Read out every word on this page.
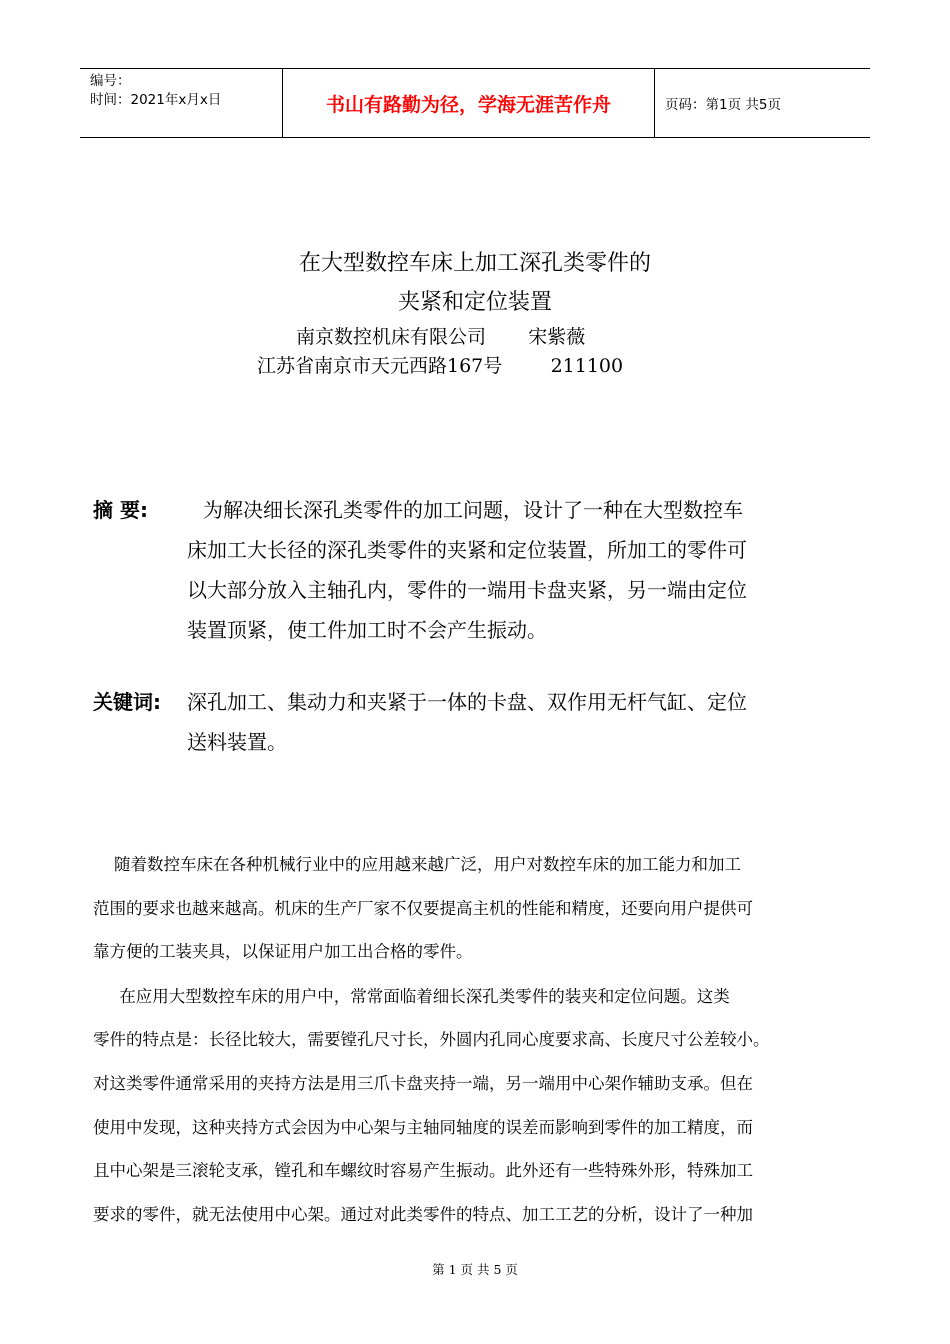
编号：
时间：2021年x月x日	书山有路勤为径，学海无涯苦作舟	页码：第1页 共5页
在大型数控车床上加工深孔类零件的
夹紧和定位装置
南京数控机床有限公司       宋紫薇
江苏省南京市天元西路167号        211100
摘 要:	为解决细长深孔类零件的加工问题，设计了一种在大型数控车
床加工大长径的深孔类零件的夹紧和定位装置，所加工的零件可
以大部分放入主轴孔内，零件的一端用卡盘夹紧，另一端由定位
装置顶紧，使工件加工时不会产生振动。
关键词: 深孔加工、集动力和夹紧于一体的卡盘、双作用无杆气缸、定位
送料装置。
随着数控车床在各种机械行业中的应用越来越广泛，用户对数控车床的加工能力和加工
范围的要求也越来越高。机床的生产厂家不仅要提高主机的性能和精度，还要向用户提供可
靠方便的工装夹具，以保证用户加工出合格的零件。
在应用大型数控车床的用户中，常常面临着细长深孔类零件的装夹和定位问题。这类
零件的特点是：长径比较大，需要镗孔尺寸长，外圆内孔同心度要求高、长度尺寸公差较小。
对这类零件通常采用的夹持方法是用三爪卡盘夹持一端，另一端用中心架作辅助支承。但在
使用中发现，这种夹持方式会因为中心架与主轴同轴度的误差而影响到零件的加工精度，而
且中心架是三滚轮支承，镗孔和车螺纹时容易产生振动。此外还有一些特殊外形，特殊加工
要求的零件，就无法使用中心架。通过对此类零件的特点、加工工艺的分析，设计了一种加
第 1 页 共 5 页
